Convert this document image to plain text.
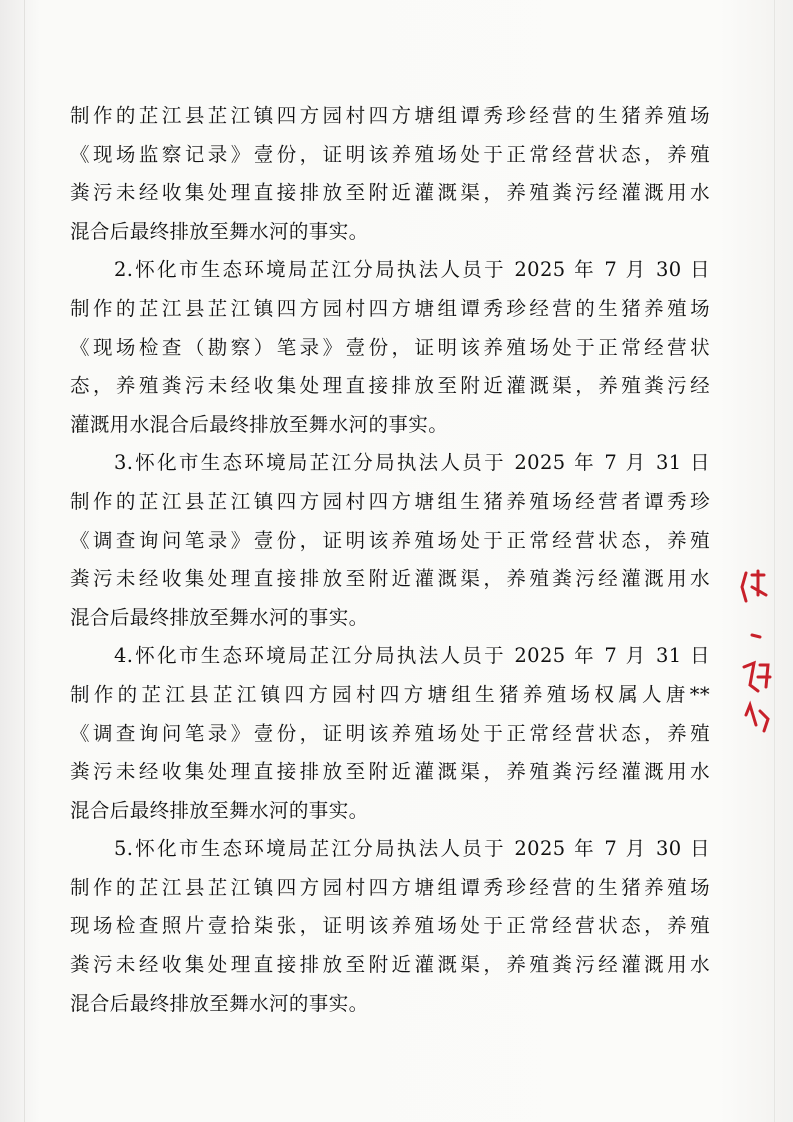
制作的芷江县芷江镇四方园村四方塘组谭秀珍经营的生猪养殖场
《现场监察记录》壹份，证明该养殖场处于正常经营状态，养殖
粪污未经收集处理直接排放至附近灌溉渠，养殖粪污经灌溉用水
混合后最终排放至舞水河的事实。
2.怀化市生态环境局芷江分局执法人员于 2025 年 7 月 30 日
制作的芷江县芷江镇四方园村四方塘组谭秀珍经营的生猪养殖场
《现场检查（勘察）笔录》壹份，证明该养殖场处于正常经营状
态，养殖粪污未经收集处理直接排放至附近灌溉渠，养殖粪污经
灌溉用水混合后最终排放至舞水河的事实。
3.怀化市生态环境局芷江分局执法人员于 2025 年 7 月 31 日
制作的芷江县芷江镇四方园村四方塘组生猪养殖场经营者谭秀珍
《调查询问笔录》壹份，证明该养殖场处于正常经营状态，养殖
粪污未经收集处理直接排放至附近灌溉渠，养殖粪污经灌溉用水
混合后最终排放至舞水河的事实。
4.怀化市生态环境局芷江分局执法人员于 2025 年 7 月 31 日
制作的芷江县芷江镇四方园村四方塘组生猪养殖场权属人唐**
《调查询问笔录》壹份，证明该养殖场处于正常经营状态，养殖
粪污未经收集处理直接排放至附近灌溉渠，养殖粪污经灌溉用水
混合后最终排放至舞水河的事实。
5.怀化市生态环境局芷江分局执法人员于 2025 年 7 月 30 日
制作的芷江县芷江镇四方园村四方塘组谭秀珍经营的生猪养殖场
现场检查照片壹拾柒张，证明该养殖场处于正常经营状态，养殖
粪污未经收集处理直接排放至附近灌溉渠，养殖粪污经灌溉用水
混合后最终排放至舞水河的事实。
